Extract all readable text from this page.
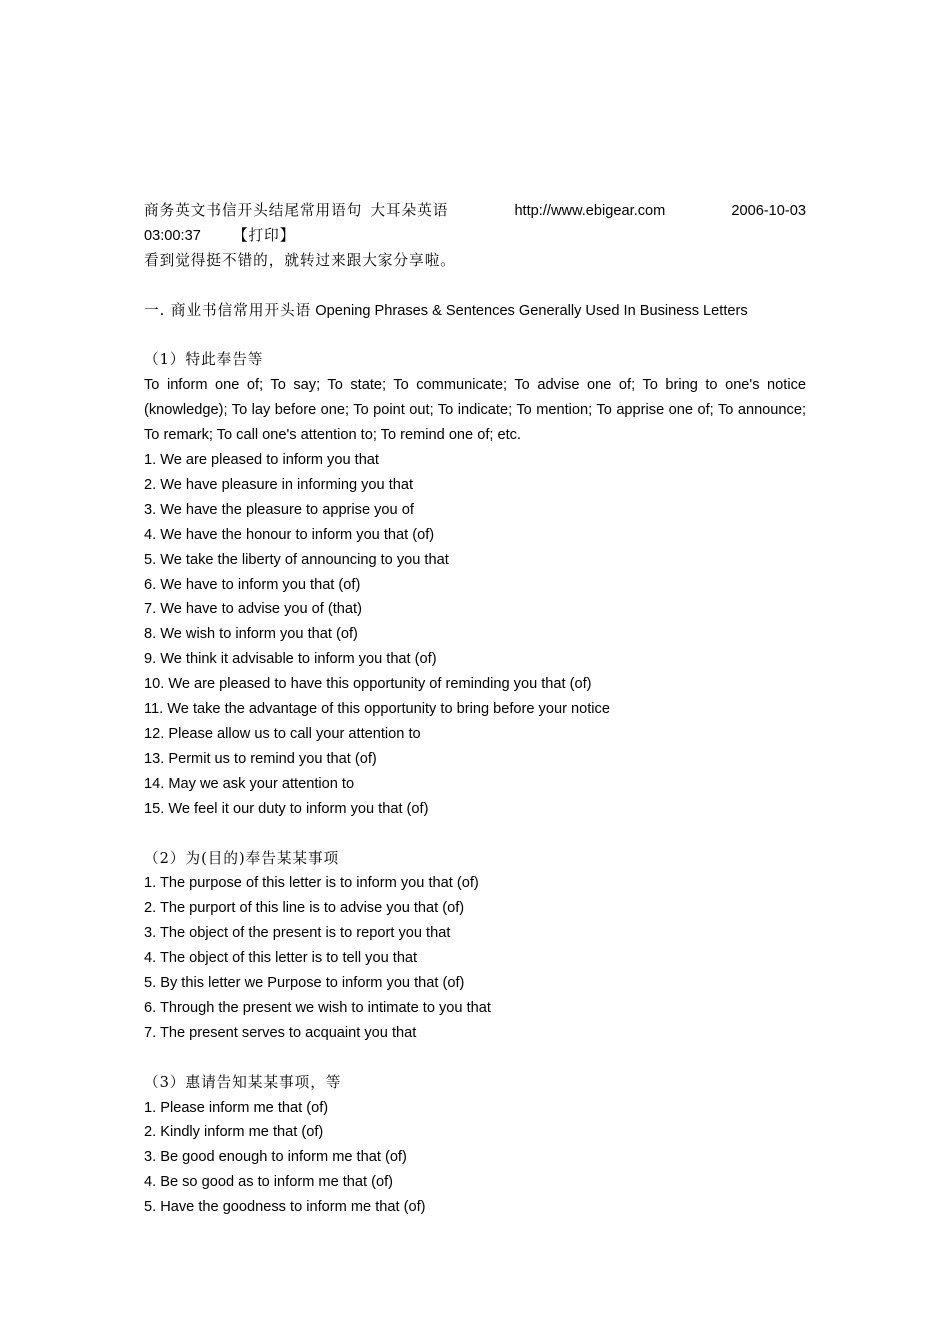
商务英文书信开头结尾常用语句 大耳朵英语	http://www.ebigear.com	2006-10-03
03:00:37 【打印】
看到觉得挺不错的，就转过来跟大家分享啦。
一. 商业书信常用开头语 Opening Phrases & Sentences Generally Used In Business Letters
（1）特此奉告等

To inform one of; To say; To state; To communicate; To advise one of; To bring to one's notice (knowledge); To lay before one; To point out; To indicate; To mention; To apprise one of; To announce; To remark; To call one's attention to; To remind one of; etc.

1. We are pleased to inform you that
2. We have pleasure in informing you that
3. We have the pleasure to apprise you of
4. We have the honour to inform you that (of)
5. We take the liberty of announcing to you that
6. We have to inform you that (of)
7. We have to advise you of (that)
8. We wish to inform you that (of)
9. We think it advisable to inform you that (of)
10. We are pleased to have this opportunity of reminding you that (of)
11. We take the advantage of this opportunity to bring before your notice
12. Please allow us to call your attention to
13. Permit us to remind you that (of)
14. May we ask your attention to
15. We feel it our duty to inform you that (of)
（2）为(目的)奉告某某事项
1. The purpose of this letter is to inform you that (of)
2. The purport of this line is to advise you that (of)
3. The object of the present is to report you that
4. The object of this letter is to tell you that
5. By this letter we Purpose to inform you that (of)
6. Through the present we wish to intimate to you that
7. The present serves to acquaint you that
（3）惠请告知某某事项，等
1. Please inform me that (of)
2. Kindly inform me that (of)
3. Be good enough to inform me that (of)
4. Be so good as to inform me that (of)
5. Have the goodness to inform me that (of)
